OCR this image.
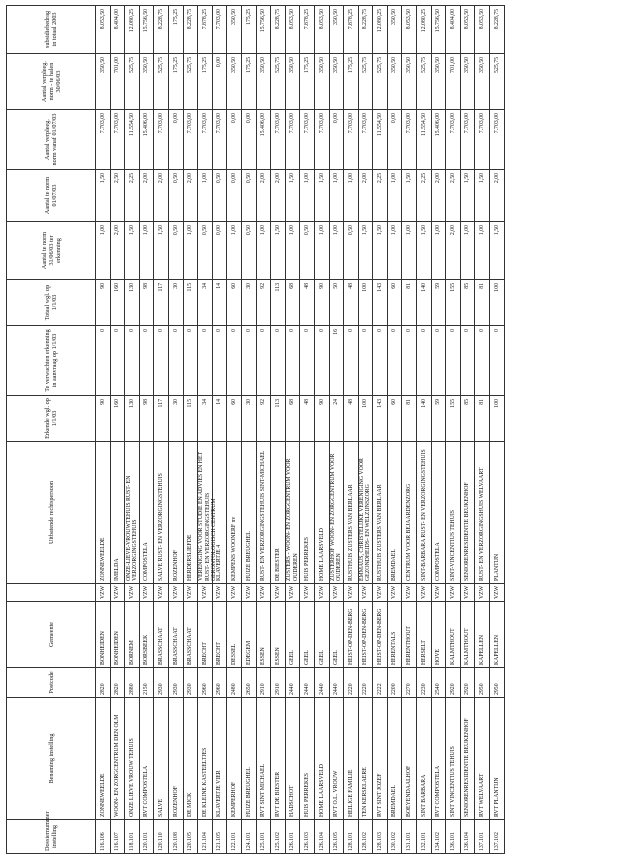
Dossiernummer instelling	Benaming instelling	Postcode	Gemeente		Uitbatende rechtspersoon	Erkende wgl. op 1/1/03	Te verwachten erkenning in aanvraag op 1/1/03	Totaal wgl. op 1/1/03	Aantal te norm 31/06/03 ter erkenning	Aantal te norm 01/07/03	Aantal verpleeg. norm vanaf 01/07/03	Aantal verpleeg. norm - te halen 30/06/03	subsidiebedrag in totaal 2003

116.106	ZONNEWEELDE	2820	BONHEIDEN	VZW	ZONNEWEELDE	90	0	90	1,00	1,50	7.703,00	350,50	8.053,50

116.107	WOON- EN ZORGCENTRUM DEN OLM	2820	BONHEIDEN	VZW	IMELDA	160	0	160	2,00	2,50	7.703,00	701,00	8.404,00

118.101	ONZE LIEVE VROUW TEHUIS	2880	BORNEM	VZW	ONZE-LIEVE-VROUWTEHUIS RUST- EN VERZORGINGSTEHUIS	130	0	130	1,50	2,25	11.554,50	525,75	12.080,25

120.101	RVT COMPOSTELA	2150	BORSBEEK	VZW	COMPOSTELA	98	0	98	1,00	2,00	15.406,00	350,50	15.756,50

120.110	SALVE	2930	BRASSCHAAT	VZW	SALVE RUST- EN VERZORGINGSTEHUIS	117	0	117	1,50	2,00	7.703,00	525,75	8.228,75

120.108	ROZENHOF	2930	BRASSCHAAT	VZW	ROZENHOF	30	0	30	0,50	0,50	0,00	175,25	175,25

120.105	DE MICK	2930	BRASSCHAAT	VZW	HERDERSLIEFDE	115	0	115	1,00	2,00	7.703,00	525,75	8.228,75

121.104	DE KLEINE KASTEELTJES	2960	BRECHT	VZW	VERENIGING VOOR STUDIE EN ADVIES EN HET RUST- EN VERZORGINGSTEHUIS GERONTOLOGISCH CENTRUM	34	0	34	0,50	1,00	7.703,00	175,25	7.878,25

121.105	KLAVERTJE VIER	2960	BRECHT	VZW	KLAVERTJE 4	14	0	14	0,00	0,50	7.703,00	0,00	7.703,00

122.101	KEMPERHOF	2480	DESSEL	VZW	KEMPENS WOONERF nv	60	0	60	1,00	0,00	0,00	350,50	350,50

124.101	HUIZE BREUGHEL	2650	EDEGEM	VZW	HUIZE BREUGHEL	30	0	30	0,50	0,50	0,00	175,25	175,25

125.101	RVT SINT MICHAEL	2910	ESSEN	VZW	RUST- EN VERZORGINGSTEHUIS SINT-MICHAEL	92	0	92	1,00	2,00	15.406,00	350,50	15.756,50

125.102	RVT DE BIESTER	2910	ESSEN	VZW	DE BIESTER	113	0	113	1,50	2,00	7.703,00	525,75	8.228,75

126.101	HADSCHOT	2440	GEEL	VZW	ZUSTERS - WOON- EN ZORGCENTRUM VOOR OUDEREN	68	0	68	1,00	1,50	7.703,00	350,50	8.053,50

126.103	HUIS PERREKES	2440	GEEL	VZW	HUIS PERREKES	48	0	48	0,50	1,00	7.703,00	175,25	7.878,25

126.104	HOME LAARSVELD	2440	GEEL	VZW	HOME LAARSVELD	90	0	90	1,00	1,50	7.703,00	350,50	8.053,50

126.105	RVT O.L. VROUW	2440	GEEL	VZW	ZUSTERHOF WOON- EN ZORGCENTRUM VOOR OUDEREN	24	16	50	1,00	1,00	0,00	350,50	350,50

128.101	HEILIGE FAMILIE	2220	HEIST-OP-DEN-BERG	VZW	RUSTHUIS ZUSTERS VAN BERLAAR	48	0	48	0,50	1,00	7.703,00	175,25	7.878,25

128.102	TEN KERSELAERE	2220	HEIST-OP-DEN-BERG	VZW	EMMAUS, CHRISTELIJKE VERENIGING VOOR GEZONDHEIDS- EN WELZIJNSZORG	100	0	100	1,50	2,00	7.703,00	525,75	8.228,75

128.103	RVT SINT JOZEF	2222	HEIST-OP-DEN-BERG	VZW	RUSTHUIS ZUSTERS VAN BERLAAR	143	0	143	1,50	2,25	11.554,50	525,75	12.080,25

130.102	BREMDAEL	2200	HERENTALS	VZW	BREMDAEL	60	0	60	1,00	1,00	0,00	350,50	350,50

131.101	BOEYENDAALHOF	2270	HERENTHOUT	VZW	CENTRUM VOOR BEJAARDENZORG	81	0	81	1,00	1,50	7.703,00	350,50	8.053,50

132.101	SINT BARBARA	2230	HERSELT	VZW	SINT-BARBARA RUST- EN VERZORGINGSTEHUIS	140	0	140	1,50	2,25	11.554,50	525,75	12.080,25

134.102	RVT COMPOSTELA	2540	HOVE	VZW	COMPOSTELA	59	0	59	1,00	2,00	15.406,00	350,50	15.756,50

136.101	SINT VINCENTIUS TEHUIS	2920	KALMTHOUT	VZW	SINT-VINCENTIUS TEHUIS	155	0	155	2,00	2,50	7.703,00	701,00	8.404,00

136.104	SENIORENRESIDENTIE BEUKENHOF	2920	KALMTHOUT	VZW	SENIORENRESIDENTIE BEUKENHOF	85	0	85	1,00	1,50	7.703,00	350,50	8.053,50

137.101	RVT WELVAART	2950	KAPELLEN	VZW	RUST- EN VERZORGINGSHUIS WELVAART	81	0	81	1,00	1,50	7.703,00	350,50	8.053,50

137.102	RVT PLANTIJN	2950	KAPELLEN	VZW	PLANTIJN	100	0	100	1,50	2,00	7.703,00	525,75	8.228,75
